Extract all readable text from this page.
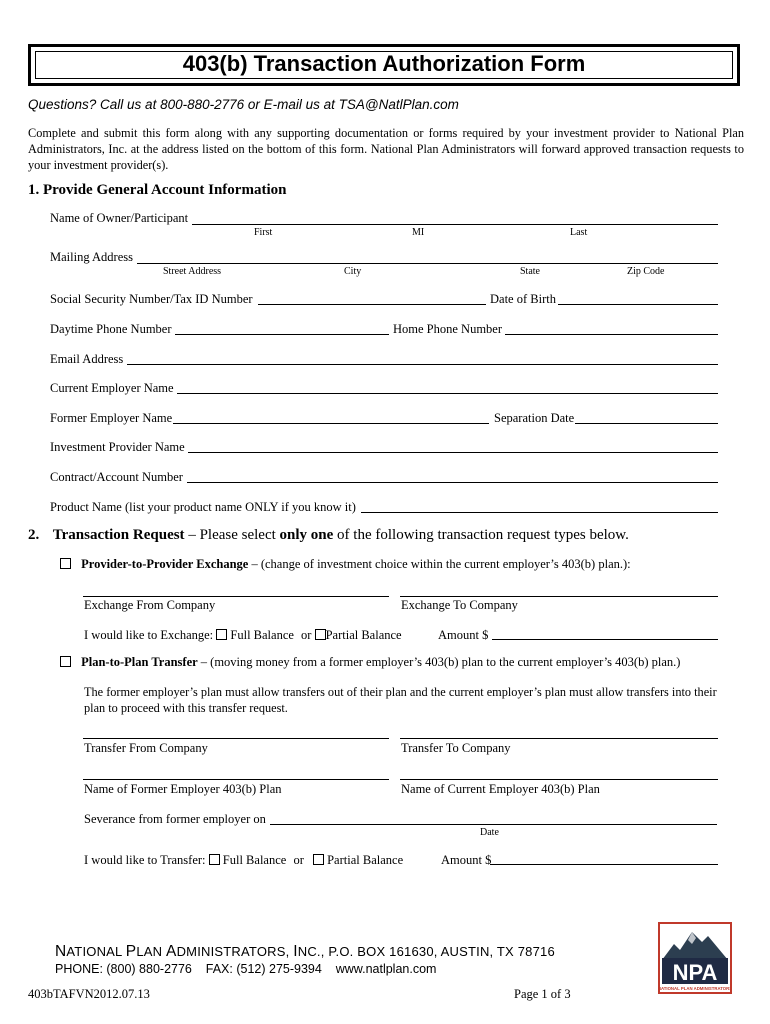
403(b) Transaction Authorization Form
Questions? Call us at 800-880-2776 or E-mail us at TSA@NatlPlan.com
Complete and submit this form along with any supporting documentation or forms required by your investment provider to National Plan Administrators, Inc. at the address listed on the bottom of this form. National Plan Administrators will forward approved transaction requests to your investment provider(s).
1. Provide General Account Information
Name of Owner/Participant
First	MI	Last
Mailing Address
Street Address	City	State	Zip Code
Social Security Number/Tax ID Number	Date of Birth
Daytime Phone Number	Home Phone Number
Email Address
Current Employer Name
Former Employer Name	Separation Date
Investment Provider Name
Contract/Account Number
Product Name (list your product name ONLY if you know it)
2. Transaction Request – Please select only one of the following transaction request types below.
Provider-to-Provider Exchange – (change of investment choice within the current employer’s 403(b) plan.):
Exchange From Company	Exchange To Company
I would like to Exchange: Full Balance or Partial Balance	Amount $
Plan-to-Plan Transfer – (moving money from a former employer’s 403(b) plan to the current employer’s 403(b) plan.)
The former employer’s plan must allow transfers out of their plan and the current employer’s plan must allow transfers into their plan to proceed with this transfer request.
Transfer From Company	Transfer To Company
Name of Former Employer 403(b) Plan	Name of Current Employer 403(b) Plan
Severance from former employer on
Date
I would like to Transfer: Full Balance or Partial Balance	Amount $
NATIONAL PLAN ADMINISTRATORS, INC., P.O. BOX 161630, AUSTIN, TX 78716
PHONE: (800) 880-2776    FAX: (512) 275-9394    www.natlplan.com
403bTAFVN2012.07.13	Page 1 of 3
NPA
NATIONAL PLAN ADMINISTRATORS
